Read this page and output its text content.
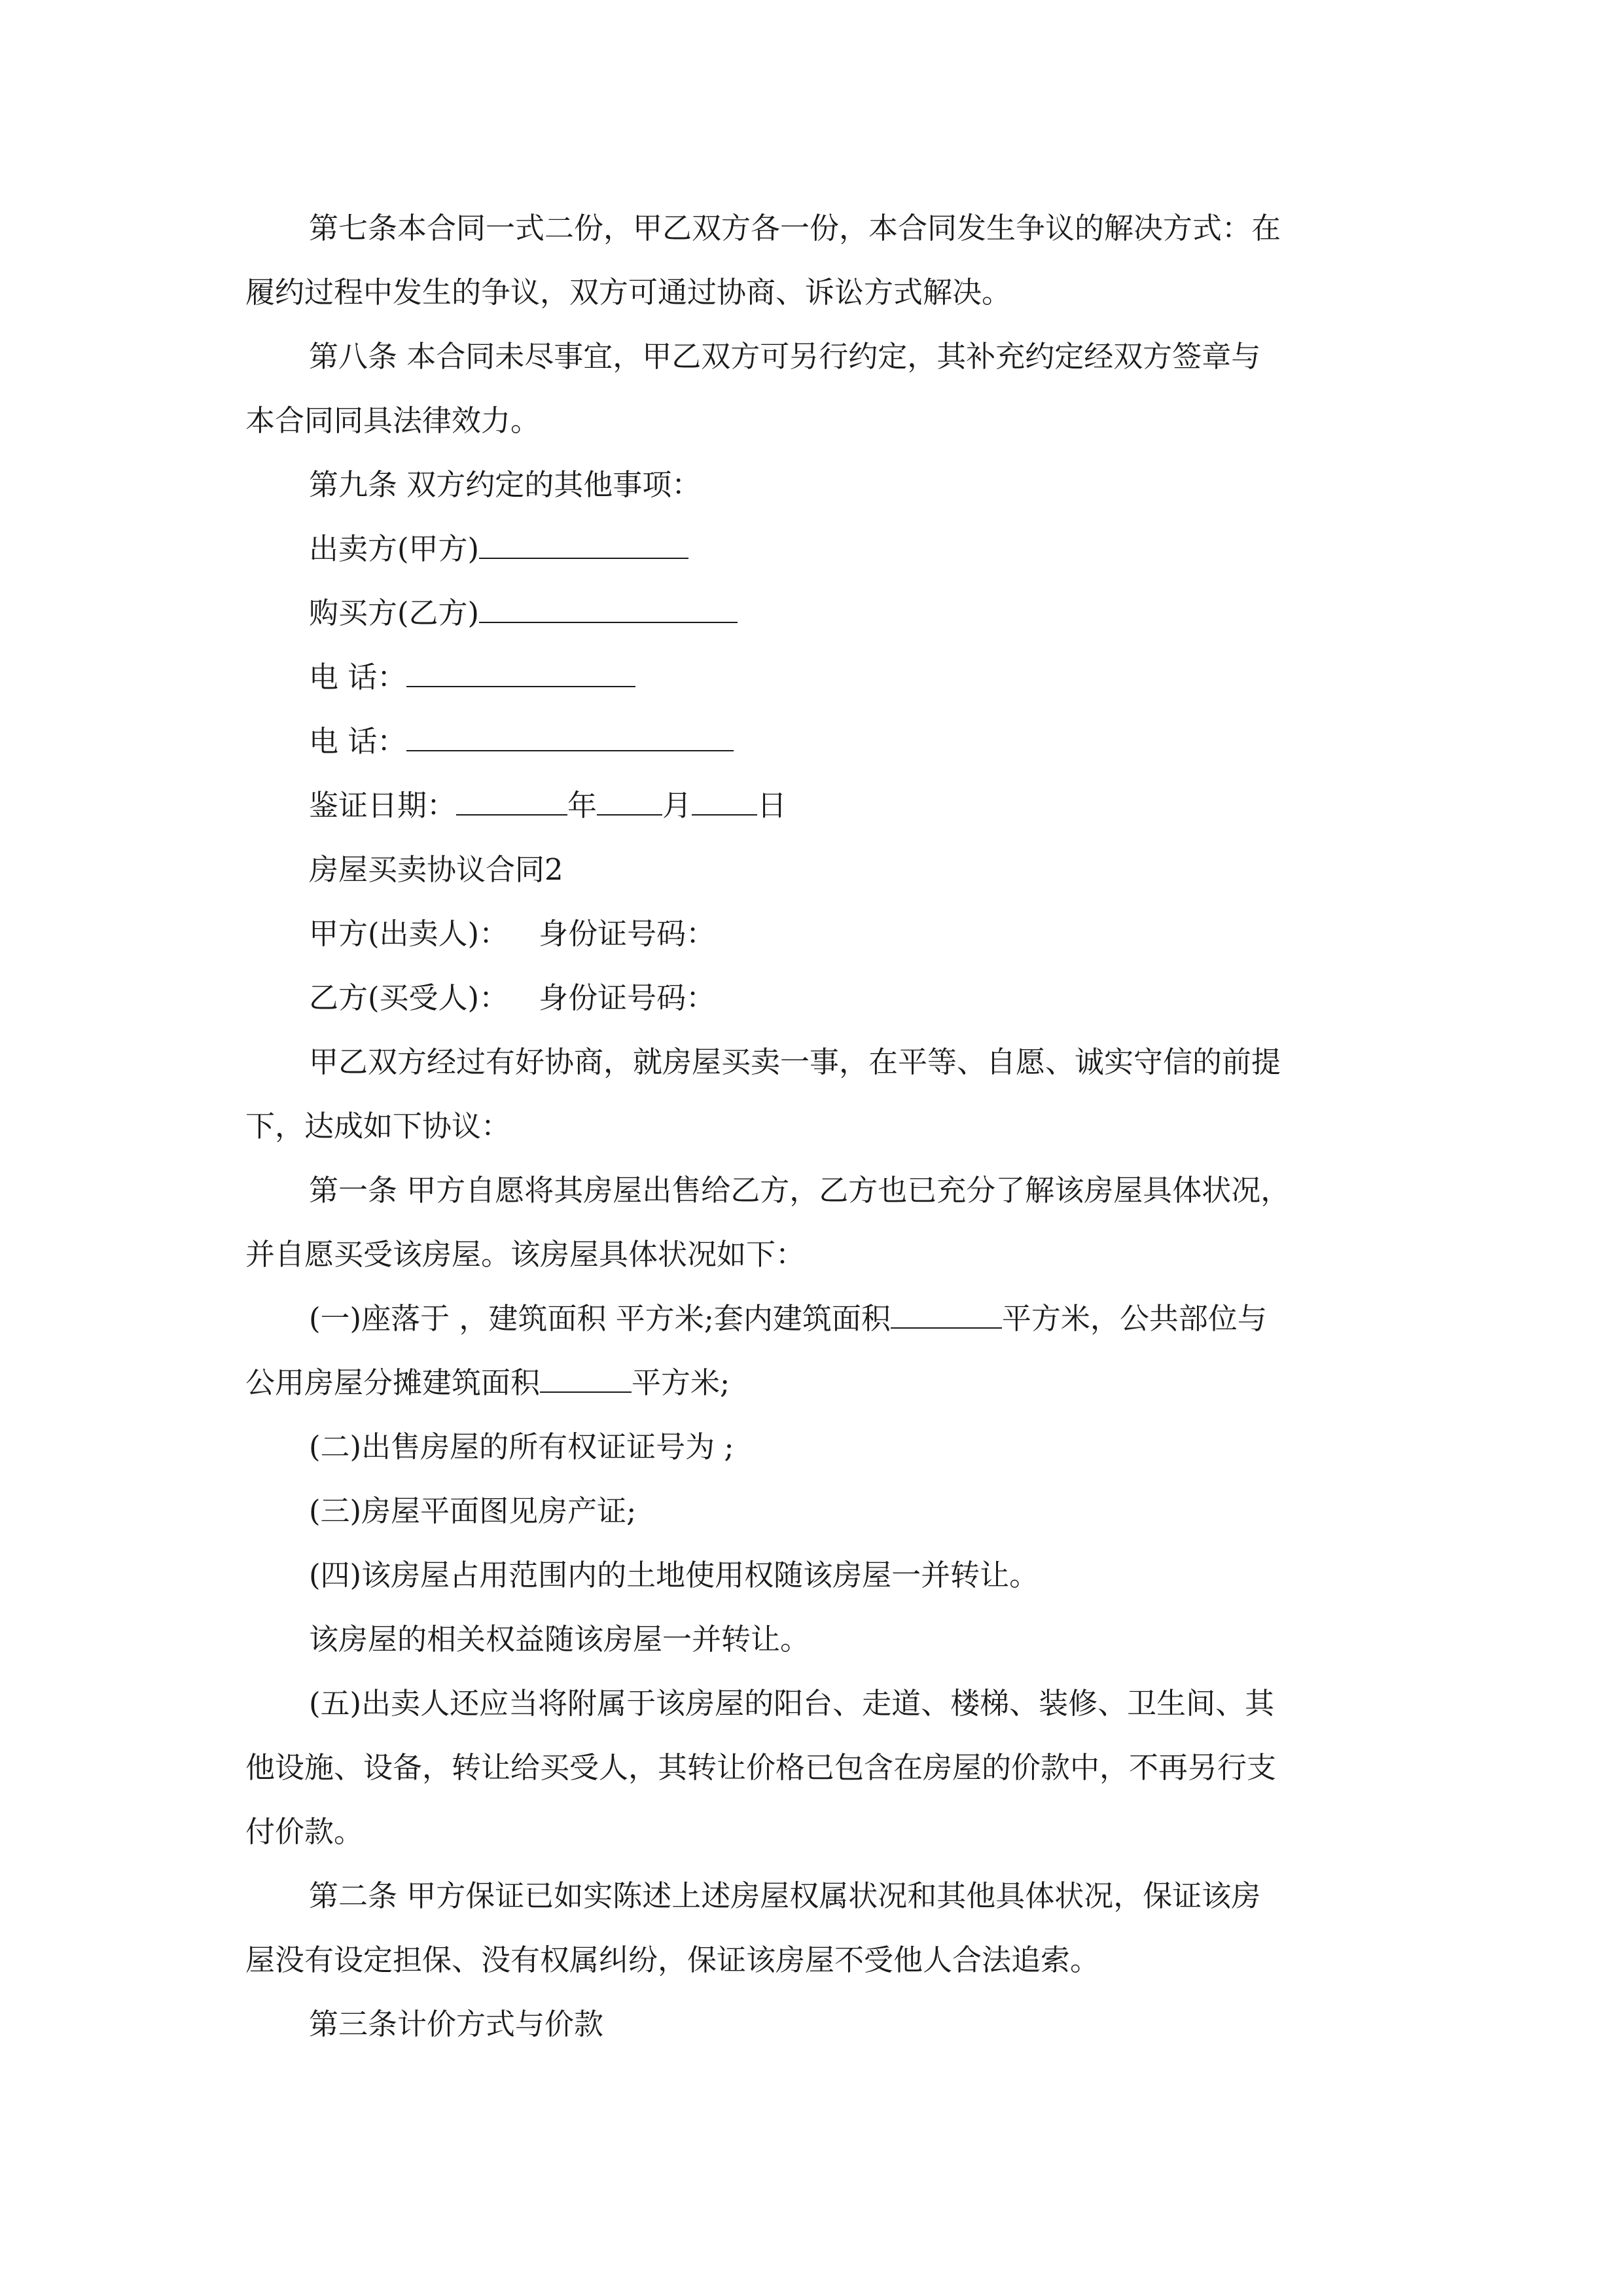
第七条本合同一式二份，甲乙双方各一份，本合同发生争议的解决方式：在

履约过程中发生的争议，双方可通过协商、诉讼方式解决。

第八条 本合同未尽事宜，甲乙双方可另行约定，其补充约定经双方签章与

本合同同具法律效力。

第九条 双方约定的其他事项：

出卖方(甲方)

购买方(乙方)

电 话：

电 话：

鉴证日期：	年 月 日

房屋买卖协议合同2

甲方(出卖人)： 身份证号码：

乙方(买受人)： 身份证号码：

甲乙双方经过有好协商，就房屋买卖一事，在平等、自愿、诚实守信的前提

下，达成如下协议：

第一条 甲方自愿将其房屋出售给乙方，乙方也已充分了解该房屋具体状况，

并自愿买受该房屋。该房屋具体状况如下：

(一)座落于 ，建筑面积 平方米;套内建筑面积	平方米，公共部位与

公用房屋分摊建筑面积	平方米;

(二)出售房屋的所有权证证号为 ;

(三)房屋平面图见房产证;

(四)该房屋占用范围内的土地使用权随该房屋一并转让。

该房屋的相关权益随该房屋一并转让。

(五)出卖人还应当将附属于该房屋的阳台、走道、楼梯、装修、卫生间、其

他设施、设备，转让给买受人，其转让价格已包含在房屋的价款中，不再另行支

付价款。

第二条 甲方保证已如实陈述上述房屋权属状况和其他具体状况，保证该房

屋没有设定担保、没有权属纠纷，保证该房屋不受他人合法追索。

第三条计价方式与价款
